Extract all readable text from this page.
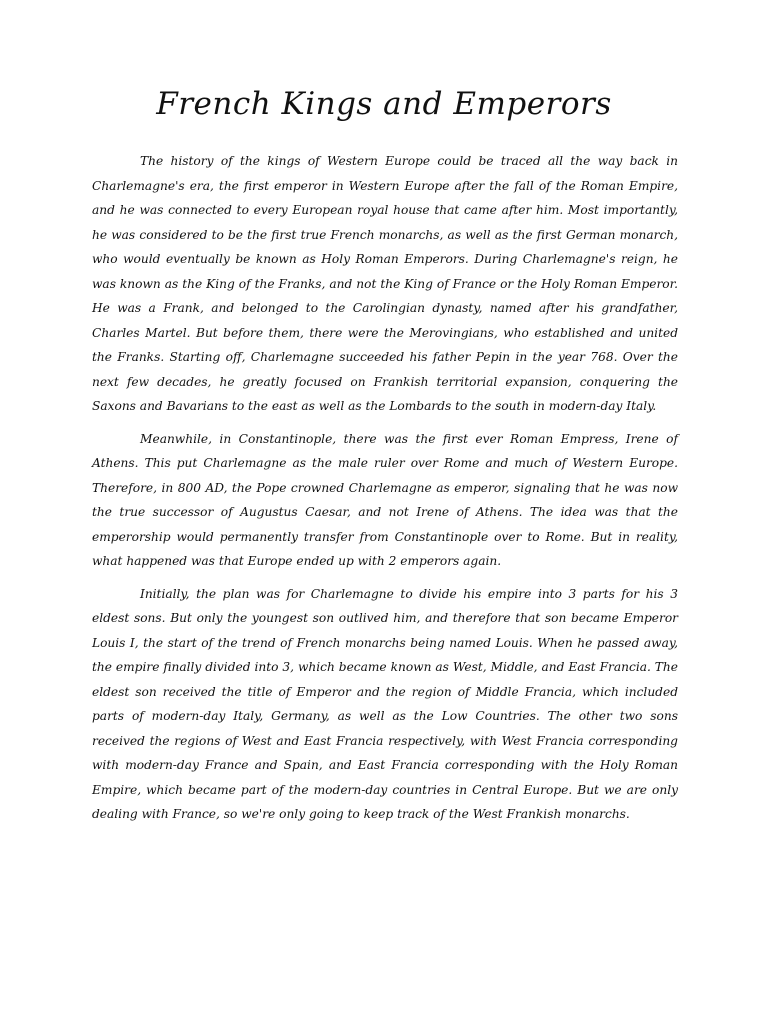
French Kings and Emperors

The history of the kings of Western Europe could be traced all the way back in Charlemagne's era, the first emperor in Western Europe after the fall of the Roman Empire, and he was connected to every European royal house that came after him. Most importantly, he was considered to be the first true French monarchs, as well as the first German monarch, who would eventually be known as Holy Roman Emperors. During Charlemagne's reign, he was known as the King of the Franks, and not the King of France or the Holy Roman Emperor. He was a Frank, and belonged to the Carolingian dynasty, named after his grandfather, Charles Martel. But before them, there were the Merovingians, who established and united the Franks. Starting off, Charlemagne succeeded his father Pepin in the year 768. Over the next few decades, he greatly focused on Frankish territorial expansion, conquering the Saxons and Bavarians to the east as well as the Lombards to the south in modern-day Italy.

Meanwhile, in Constantinople, there was the first ever Roman Empress, Irene of Athens. This put Charlemagne as the male ruler over Rome and much of Western Europe. Therefore, in 800 AD, the Pope crowned Charlemagne as emperor, signaling that he was now the true successor of Augustus Caesar, and not Irene of Athens. The idea was that the emperorship would permanently transfer from Constantinople over to Rome. But in reality, what happened was that Europe ended up with 2 emperors again.

Initially, the plan was for Charlemagne to divide his empire into 3 parts for his 3 eldest sons. But only the youngest son outlived him, and therefore that son became Emperor Louis I, the start of the trend of French monarchs being named Louis. When he passed away, the empire finally divided into 3, which became known as West, Middle, and East Francia. The eldest son received the title of Emperor and the region of Middle Francia, which included parts of modern-day Italy, Germany, as well as the Low Countries. The other two sons received the regions of West and East Francia respectively, with West Francia corresponding with modern-day France and Spain, and East Francia corresponding with the Holy Roman Empire, which became part of the modern-day countries in Central Europe. But we are only dealing with France, so we're only going to keep track of the West Frankish monarchs.
